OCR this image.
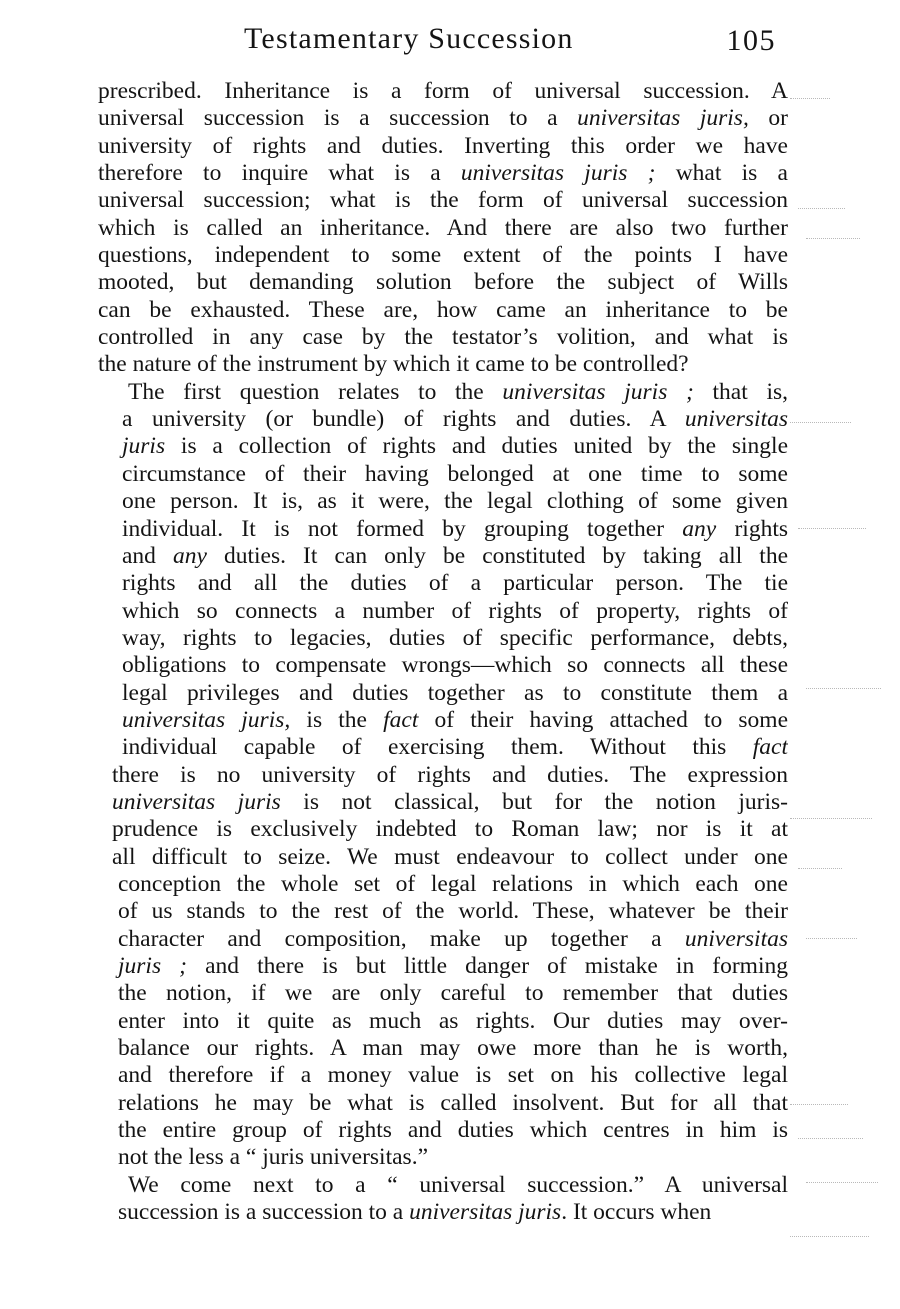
Testamentary Succession	105
prescribed. Inheritance is a form of universal succession. A
universal succession is a succession to a universitas juris, or
university of rights and duties. Inverting this order we have
therefore to inquire what is a universitas juris ; what is a
universal succession; what is the form of universal succession
which is called an inheritance. And there are also two further
questions, independent to some extent of the points I have
mooted, but demanding solution before the subject of Wills
can be exhausted. These are, how came an inheritance to be
controlled in any case by the testator’s volition, and what is
the nature of the instrument by which it came to be controlled?
The first question relates to the universitas juris ; that is,
a university (or bundle) of rights and duties. A universitas
juris is a collection of rights and duties united by the single
circumstance of their having belonged at one time to some
one person. It is, as it were, the legal clothing of some given
individual. It is not formed by grouping together any rights
and any duties. It can only be constituted by taking all the
rights and all the duties of a particular person. The tie
which so connects a number of rights of property, rights of
way, rights to legacies, duties of specific performance, debts,
obligations to compensate wrongs—which so connects all these
legal privileges and duties together as to constitute them a
universitas juris, is the fact of their having attached to some
individual capable of exercising them. Without this fact
there is no university of rights and duties. The expression
universitas juris is not classical, but for the notion juris-
prudence is exclusively indebted to Roman law; nor is it at
all difficult to seize. We must endeavour to collect under one
conception the whole set of legal relations in which each one
of us stands to the rest of the world. These, whatever be their
character and composition, make up together a universitas
juris ; and there is but little danger of mistake in forming
the notion, if we are only careful to remember that duties
enter into it quite as much as rights. Our duties may over-
balance our rights. A man may owe more than he is worth,
and therefore if a money value is set on his collective legal
relations he may be what is called insolvent. But for all that
the entire group of rights and duties which centres in him is
not the less a “ juris universitas.”
We come next to a “ universal succession.” A universal
succession is a succession to a universitas juris. It occurs when
